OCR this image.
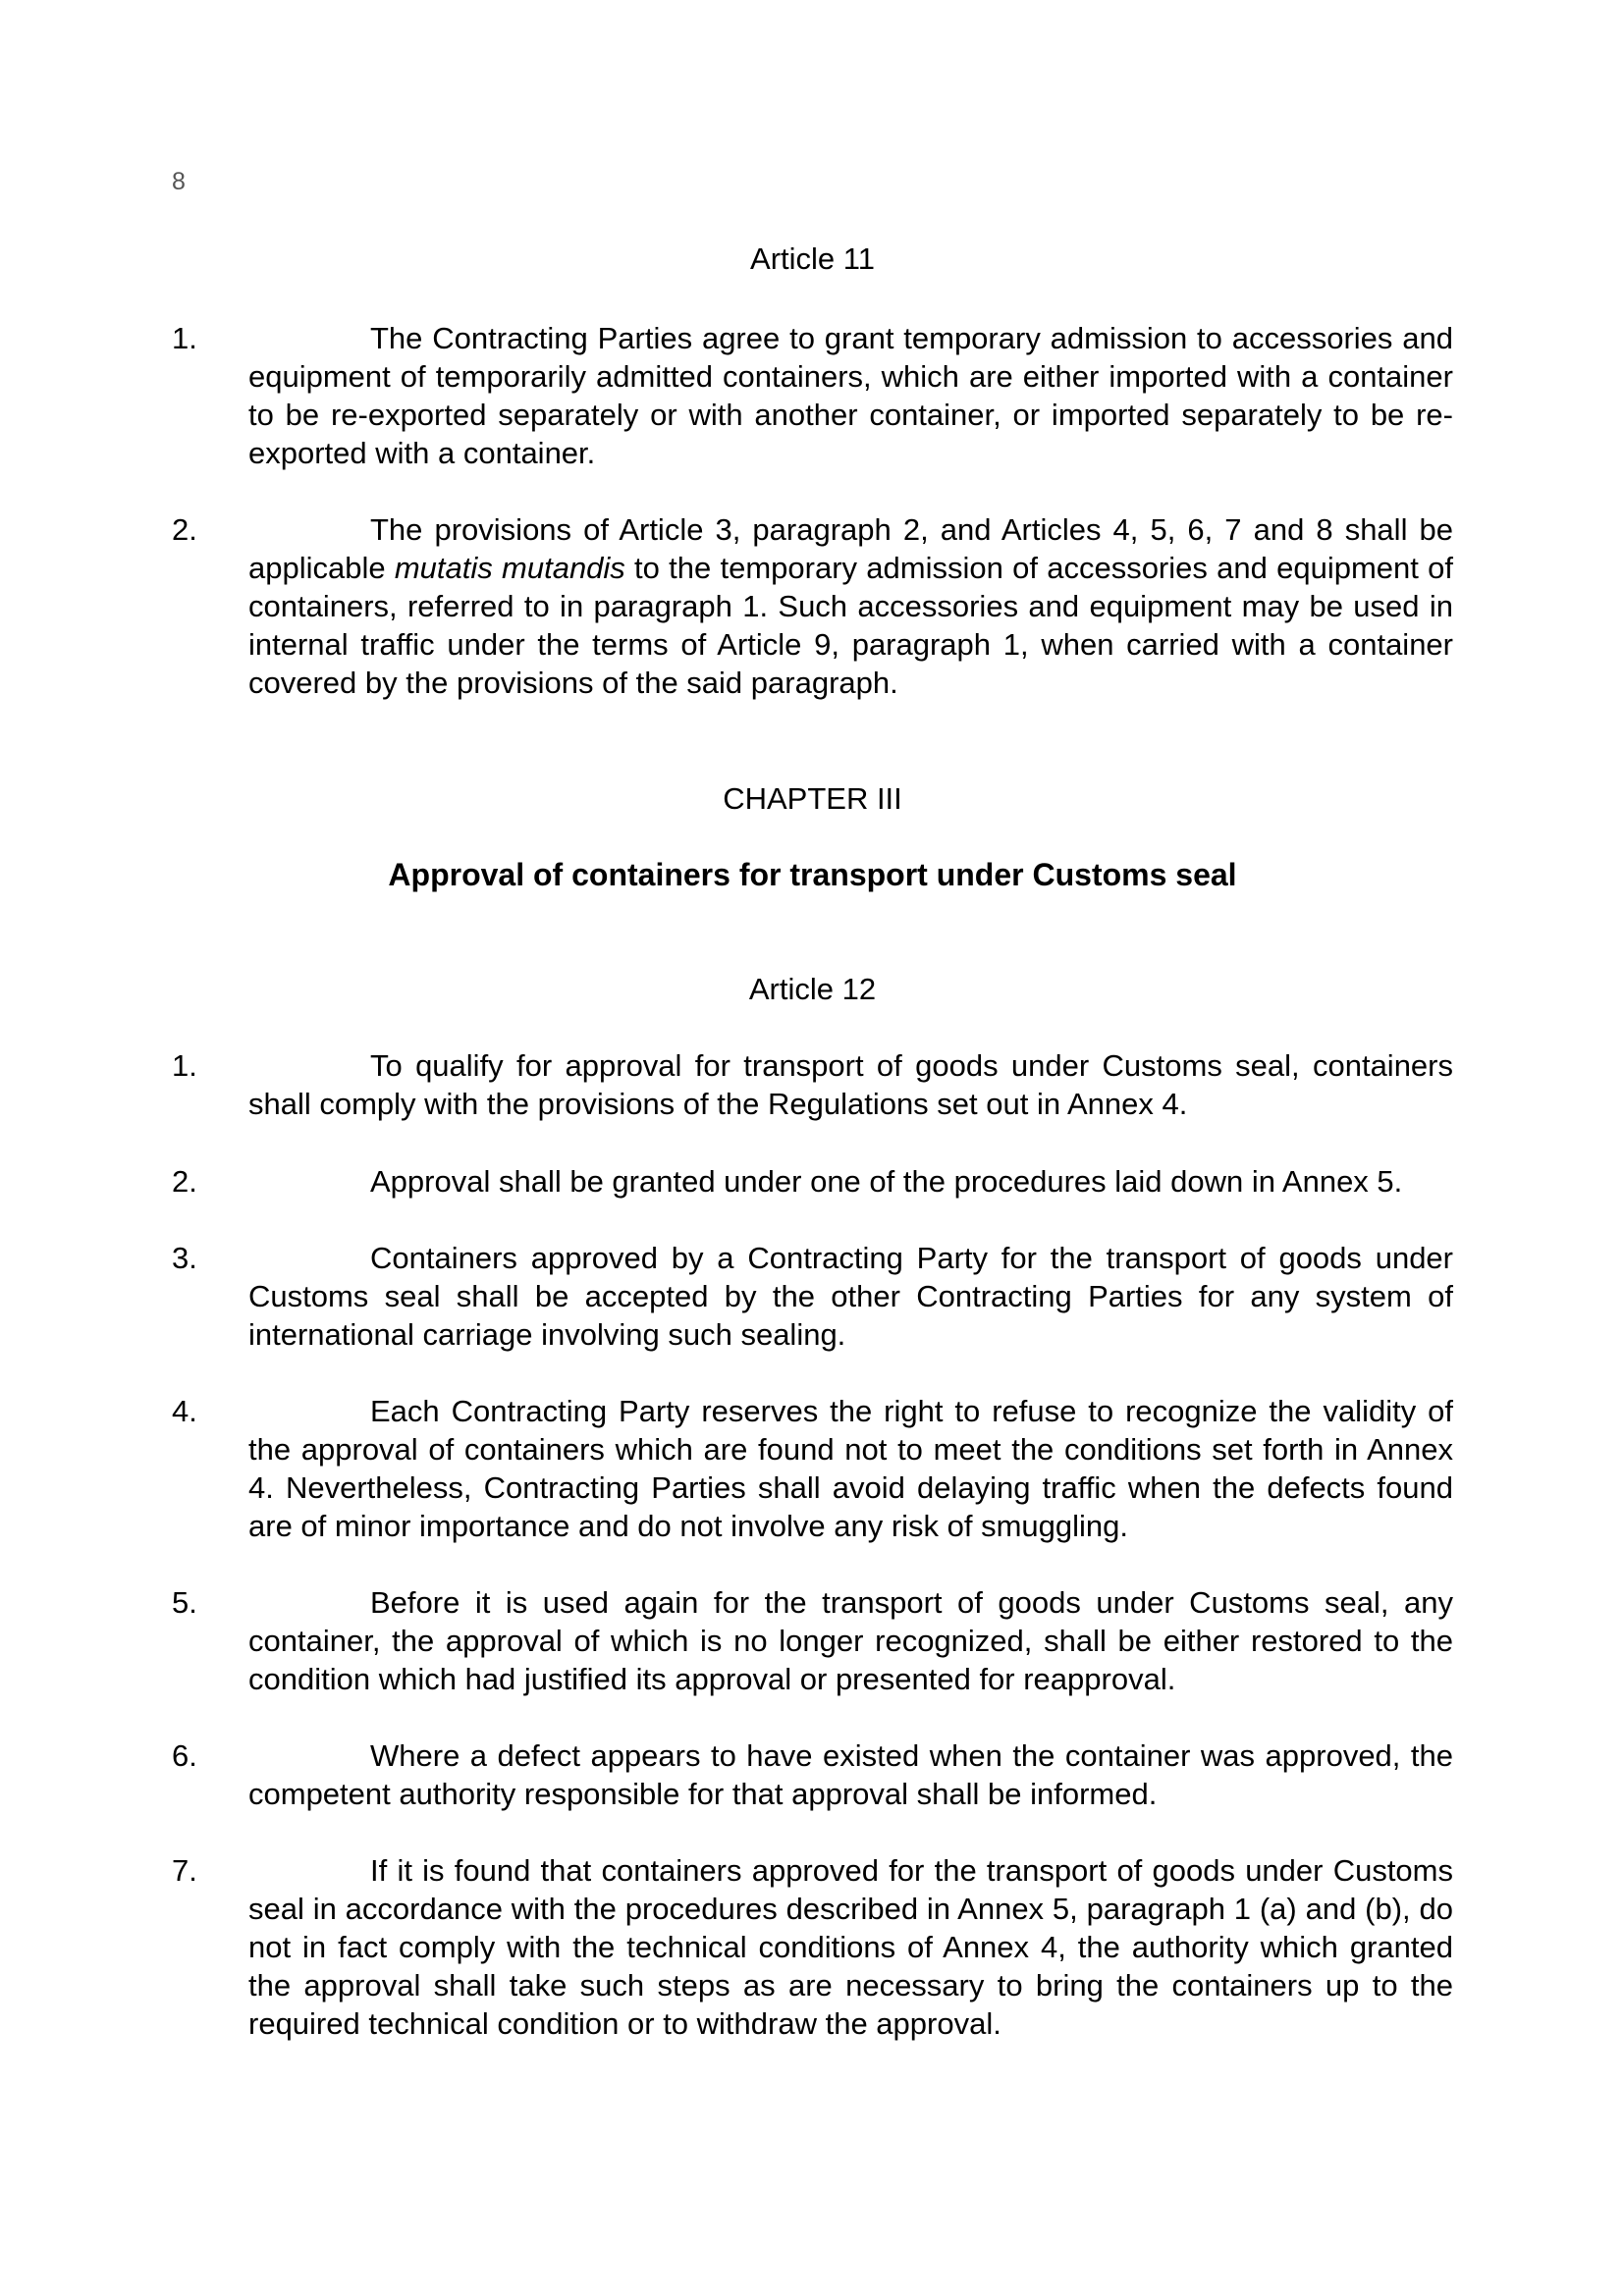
8
Article 11
1.	The Contracting Parties agree to grant temporary admission to accessories and equipment of temporarily admitted containers, which are either imported with a container to be re-exported separately or with another container, or imported separately to be re-exported with a container.
2.	The provisions of Article 3, paragraph 2, and Articles 4, 5, 6, 7 and 8 shall be applicable mutatis mutandis to the temporary admission of accessories and equipment of containers, referred to in paragraph 1. Such accessories and equipment may be used in internal traffic under the terms of Article 9, paragraph 1, when carried with a container covered by the provisions of the said paragraph.
CHAPTER III
Approval of containers for transport under Customs seal
Article 12
1.	To qualify for approval for transport of goods under Customs seal, containers shall comply with the provisions of the Regulations set out in Annex 4.
2.	Approval shall be granted under one of the procedures laid down in Annex 5.
3.	Containers approved by a Contracting Party for the transport of goods under Customs seal shall be accepted by the other Contracting Parties for any system of international carriage involving such sealing.
4.	Each Contracting Party reserves the right to refuse to recognize the validity of the approval of containers which are found not to meet the conditions set forth in Annex 4. Nevertheless, Contracting Parties shall avoid delaying traffic when the defects found are of minor importance and do not involve any risk of smuggling.
5.	Before it is used again for the transport of goods under Customs seal, any container, the approval of which is no longer recognized, shall be either restored to the condition which had justified its approval or presented for reapproval.
6.	Where a defect appears to have existed when the container was approved, the competent authority responsible for that approval shall be informed.
7.	If it is found that containers approved for the transport of goods under Customs seal in accordance with the procedures described in Annex 5, paragraph 1 (a) and (b), do not in fact comply with the technical conditions of Annex 4, the authority which granted the approval shall take such steps as are necessary to bring the containers up to the required technical condition or to withdraw the approval.
